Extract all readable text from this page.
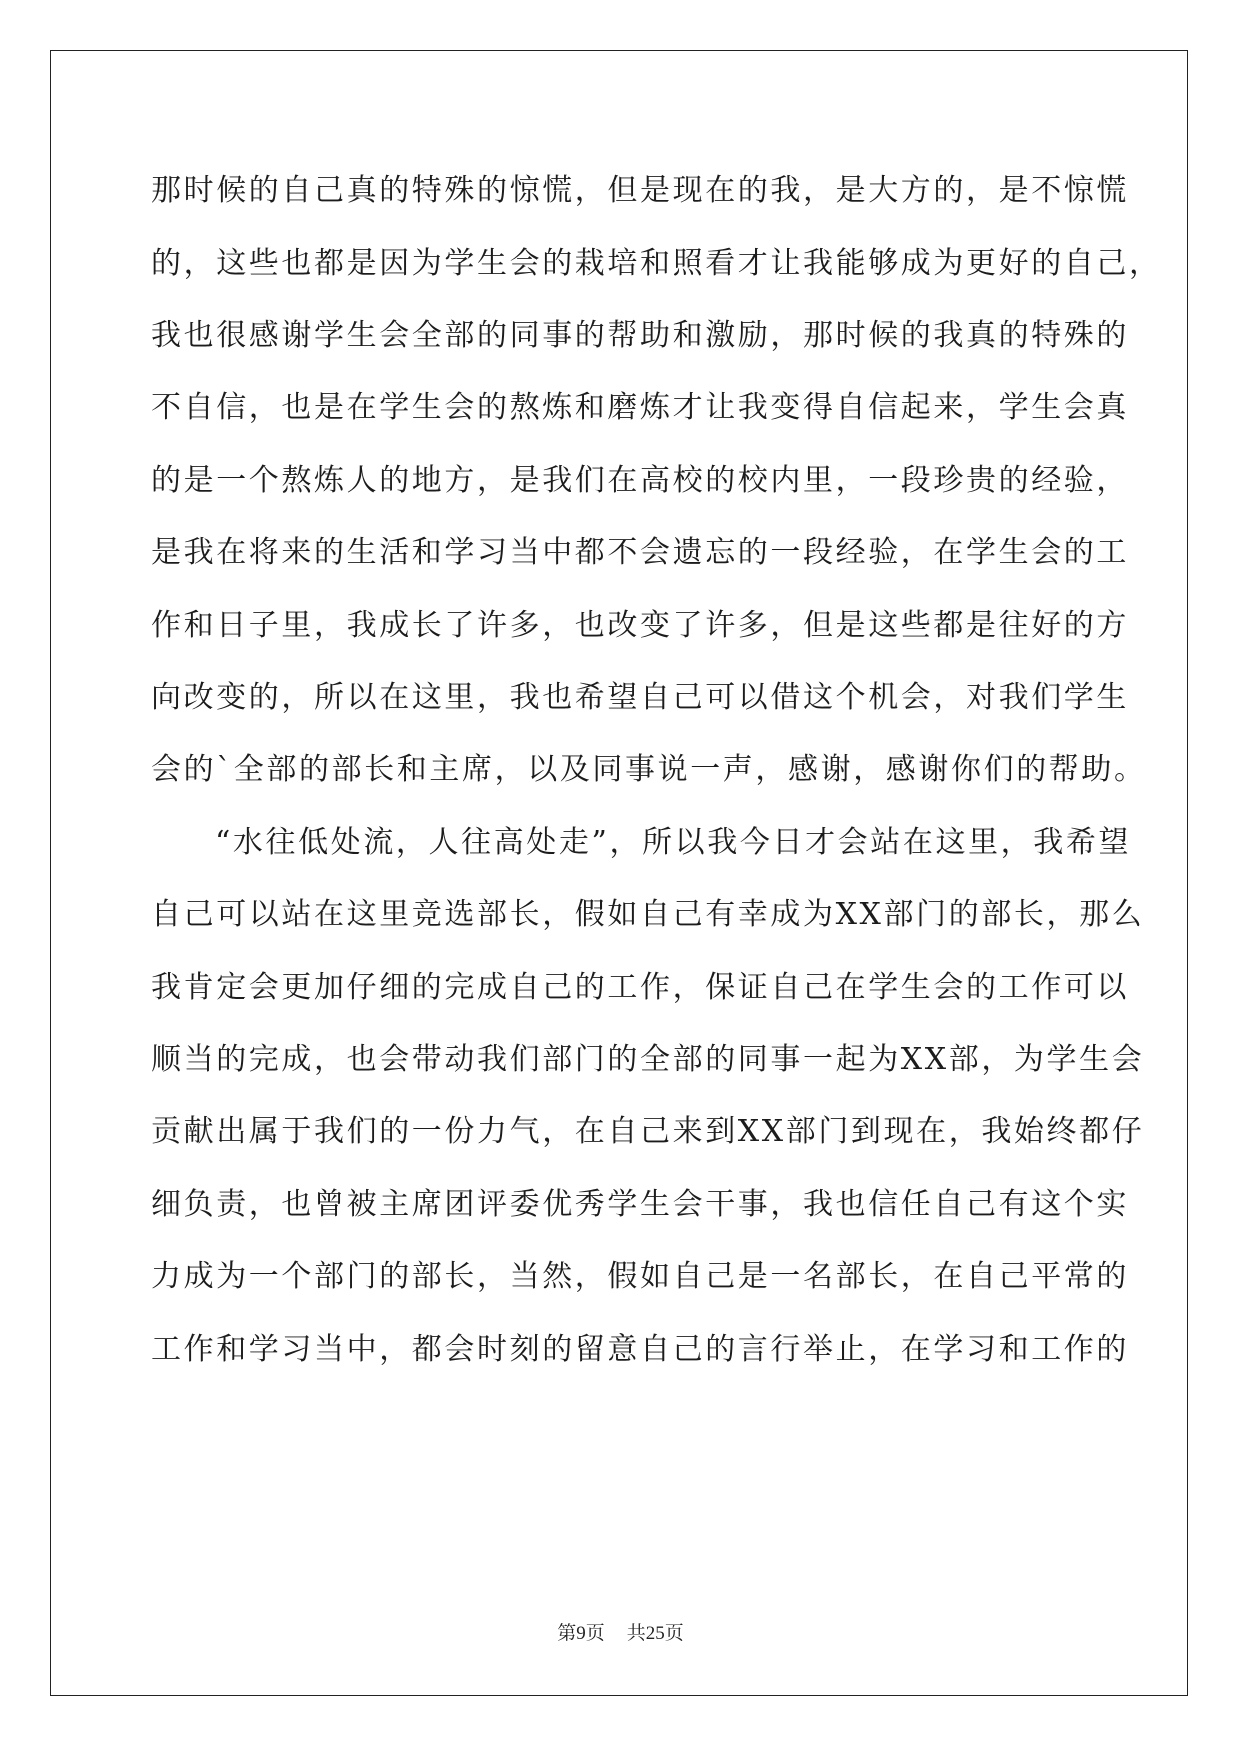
那时候的自己真的特殊的惊慌，但是现在的我，是大方的，是不惊慌
的，这些也都是因为学生会的栽培和照看才让我能够成为更好的自己，
我也很感谢学生会全部的同事的帮助和激励，那时候的我真的特殊的
不自信，也是在学生会的熬炼和磨炼才让我变得自信起来，学生会真
的是一个熬炼人的地方，是我们在高校的校内里，一段珍贵的经验，
是我在将来的生活和学习当中都不会遗忘的一段经验，在学生会的工
作和日子里，我成长了许多，也改变了许多，但是这些都是往好的方
向改变的，所以在这里，我也希望自己可以借这个机会，对我们学生
会的`全部的部长和主席，以及同事说一声，感谢，感谢你们的帮助。
“水往低处流，人往高处走”，所以我今日才会站在这里，我希望
自己可以站在这里竞选部长，假如自己有幸成为XX部门的部长，那么
我肯定会更加仔细的完成自己的工作，保证自己在学生会的工作可以
顺当的完成，也会带动我们部门的全部的同事一起为XX部，为学生会
贡献出属于我们的一份力气，在自己来到XX部门到现在，我始终都仔
细负责，也曾被主席团评委优秀学生会干事，我也信任自己有这个实
力成为一个部门的部长，当然，假如自己是一名部长，在自己平常的
工作和学习当中，都会时刻的留意自己的言行举止，在学习和工作的
第9页 共25页
